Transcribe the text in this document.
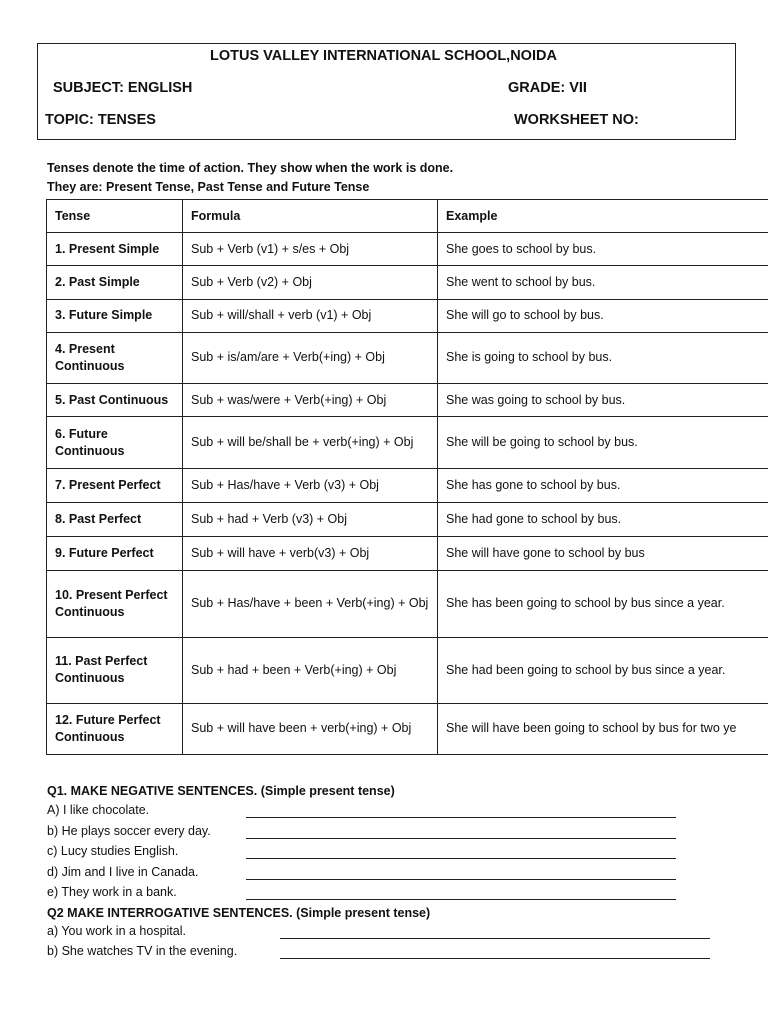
LOTUS VALLEY INTERNATIONAL SCHOOL,NOIDA
SUBJECT: ENGLISH	GRADE: VII
TOPIC: TENSES	WORKSHEET NO:
Tenses denote the time of action. They show when the work is done.
They are: Present Tense, Past Tense and Future Tense
Tense	Formula	Example
1. Present Simple	Sub + Verb (v1) + s/es + Obj	She goes to school by bus.
2. Past Simple	Sub + Verb (v2) + Obj	She went to school by bus.
3. Future Simple	Sub + will/shall + verb (v1) + Obj	She will go to school by bus.
4. Present Continuous	Sub + is/am/are + Verb(+ing) + Obj	She is going to school by bus.
5. Past Continuous	Sub + was/were + Verb(+ing) + Obj	She was going to school by bus.
6. Future Continuous	Sub + will be/shall be + verb(+ing) + Obj	She will be going to school by bus.
7. Present Perfect	Sub + Has/have + Verb (v3) + Obj	She has gone to school by bus.
8. Past Perfect	Sub + had + Verb (v3) + Obj	She had gone to school by bus.
9. Future Perfect	Sub + will have + verb(v3) + Obj	She will have gone to school by bus
10. Present Perfect Continuous	Sub + Has/have + been + Verb(+ing) + Obj	She has been going to school by bus since a year.
11. Past Perfect Continuous	Sub + had + been + Verb(+ing) + Obj	She had been going to school by bus since a year.
12. Future Perfect Continuous	Sub + will have been + verb(+ing) + Obj	She will have been going to school by bus for two ye
Q1. MAKE NEGATIVE SENTENCES. (Simple present tense)
A) I like chocolate.
b) He plays soccer every day.
c) Lucy studies English.
d) Jim and I live in Canada.
e) They work in a bank.
Q2 MAKE INTERROGATIVE SENTENCES. (Simple present tense)
a) You work in a hospital.
b) She watches TV in the evening.
